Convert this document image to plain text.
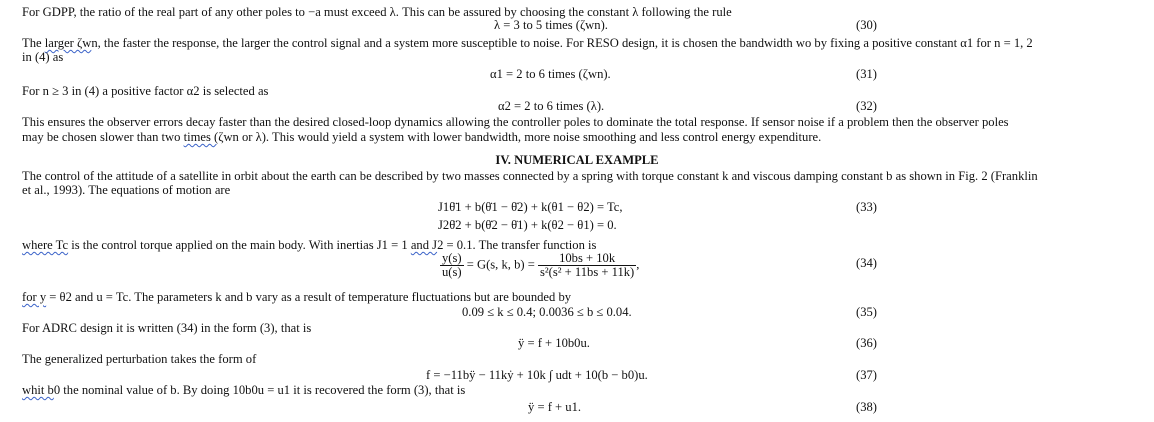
For GDPP, the ratio of the real part of any other poles to −a must exceed λ. This can be assured by choosing the constant λ following the rule
λ = 3 to 5 times (ζwn).	(30)
The larger ζwn, the faster the response, the larger the control signal and a system more susceptible to noise. For RESO design, it is chosen the bandwidth wo by fixing a positive constant α1 for n = 1, 2
in (4) as
α1 = 2 to 6 times (ζwn).	(31)
For n ≥ 3 in (4) a positive factor α2 is selected as
α2 = 2 to 6 times (λ).	(32)
This ensures the observer errors decay faster than the desired closed-loop dynamics allowing the controller poles to dominate the total response. If sensor noise if a problem then the observer poles
may be chosen slower than two times (ζwn or λ). This would yield a system with lower bandwidth, more noise smoothing and less control energy expenditure.
IV. NUMERICAL EXAMPLE
The control of the attitude of a satellite in orbit about the earth can be described by two masses connected by a spring with torque constant k and viscous damping constant b as shown in Fig. 2 (Franklin
et al., 1993). The equations of motion are
J1θ̈1 + b(θ̇1 − θ̇2) + k(θ1 − θ2) = Tc,
J2θ̈2 + b(θ̇2 − θ̇1) + k(θ2 − θ1) = 0.
(33)
where Tc is the control torque applied on the main body. With inertias J1 = 1 and J2 = 0.1. The transfer function is
$\frac{y(s)}{u(s)} = G(s$, k, $b) = \frac{10bs + 10k}{\text{s²(s² + 11bs + 11k)}}$ ,	(34)
for y = θ2 and u = Tc. The parameters k and b vary as a result of temperature fluctuations but are bounded by
0.09 ≤ k ≤ 0.4; 0.0036 ≤ b ≤ 0.04.	(35)
For ADRC design it is written (34) in the form (3), that is
ÿ = f + 10b0u.	(36)
The generalized perturbation takes the form of
f = −11bÿ − 11kẏ + 10k ∫ udt + 10(b − b0)u.	(37)
whit b0 the nominal value of b. By doing 10b0u = u1 it is recovered the form (3), that is
ÿ = f + u1.	(38)
